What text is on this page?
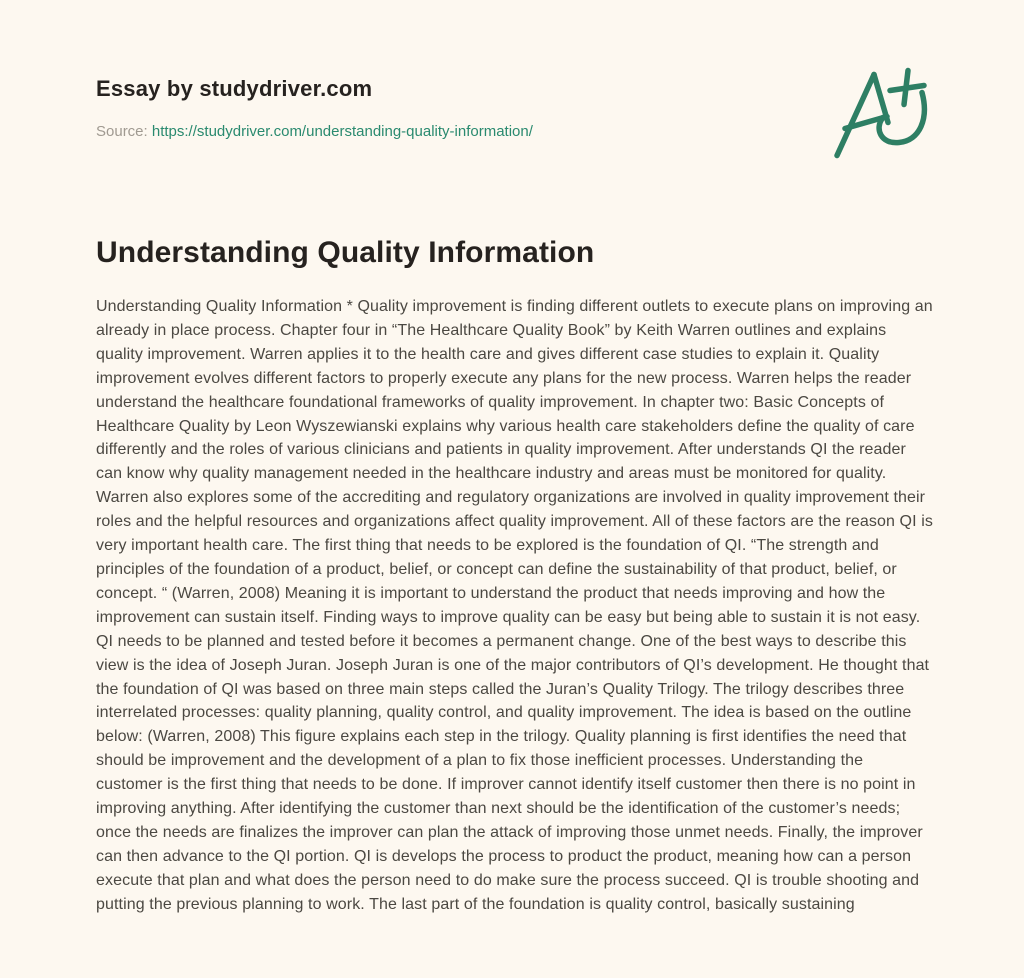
Essay by studydriver.com
Source: https://studydriver.com/understanding-quality-information/
Understanding Quality Information

Understanding Quality Information * Quality improvement is finding different outlets to execute plans on improving an already in place process. Chapter four in “The Healthcare Quality Book” by Keith Warren outlines and explains quality improvement. Warren applies it to the health care and gives different case studies to explain it. Quality improvement evolves different factors to properly execute any plans for the new process. Warren helps the reader understand the healthcare foundational frameworks of quality improvement. In chapter two: Basic Concepts of Healthcare Quality by Leon Wyszewianski explains why various health care stakeholders define the quality of care differently and the roles of various clinicians and patients in quality improvement. After understands QI the reader can know why quality management needed in the healthcare industry and areas must be monitored for quality. Warren also explores some of the accrediting and regulatory organizations are involved in quality improvement their roles and the helpful resources and organizations affect quality improvement. All of these factors are the reason QI is very important health care. The first thing that needs to be explored is the foundation of QI. “The strength and principles of the foundation of a product, belief, or concept can define the sustainability of that product, belief, or concept. “ (Warren, 2008) Meaning it is important to understand the product that needs improving and how the improvement can sustain itself. Finding ways to improve quality can be easy but being able to sustain it is not easy. QI needs to be planned and tested before it becomes a permanent change. One of the best ways to describe this view is the idea of Joseph Juran. Joseph Juran is one of the major contributors of QI’s development. He thought that the foundation of QI was based on three main steps called the Juran’s Quality Trilogy. The trilogy describes three interrelated processes: quality planning, quality control, and quality improvement. The idea is based on the outline below: (Warren, 2008) This figure explains each step in the trilogy. Quality planning is first identifies the need that should be improvement and the development of a plan to fix those inefficient processes. Understanding the customer is the first thing that needs to be done. If improver cannot identify itself customer then there is no point in improving anything. After identifying the customer than next should be the identification of the customer’s needs; once the needs are finalizes the improver can plan the attack of improving those unmet needs. Finally, the improver can then advance to the QI portion. QI is develops the process to product the product, meaning how can a person execute that plan and what does the person need to do make sure the process succeed. QI is trouble shooting and putting the previous planning to work. The last part of the foundation is quality control, basically sustaining
